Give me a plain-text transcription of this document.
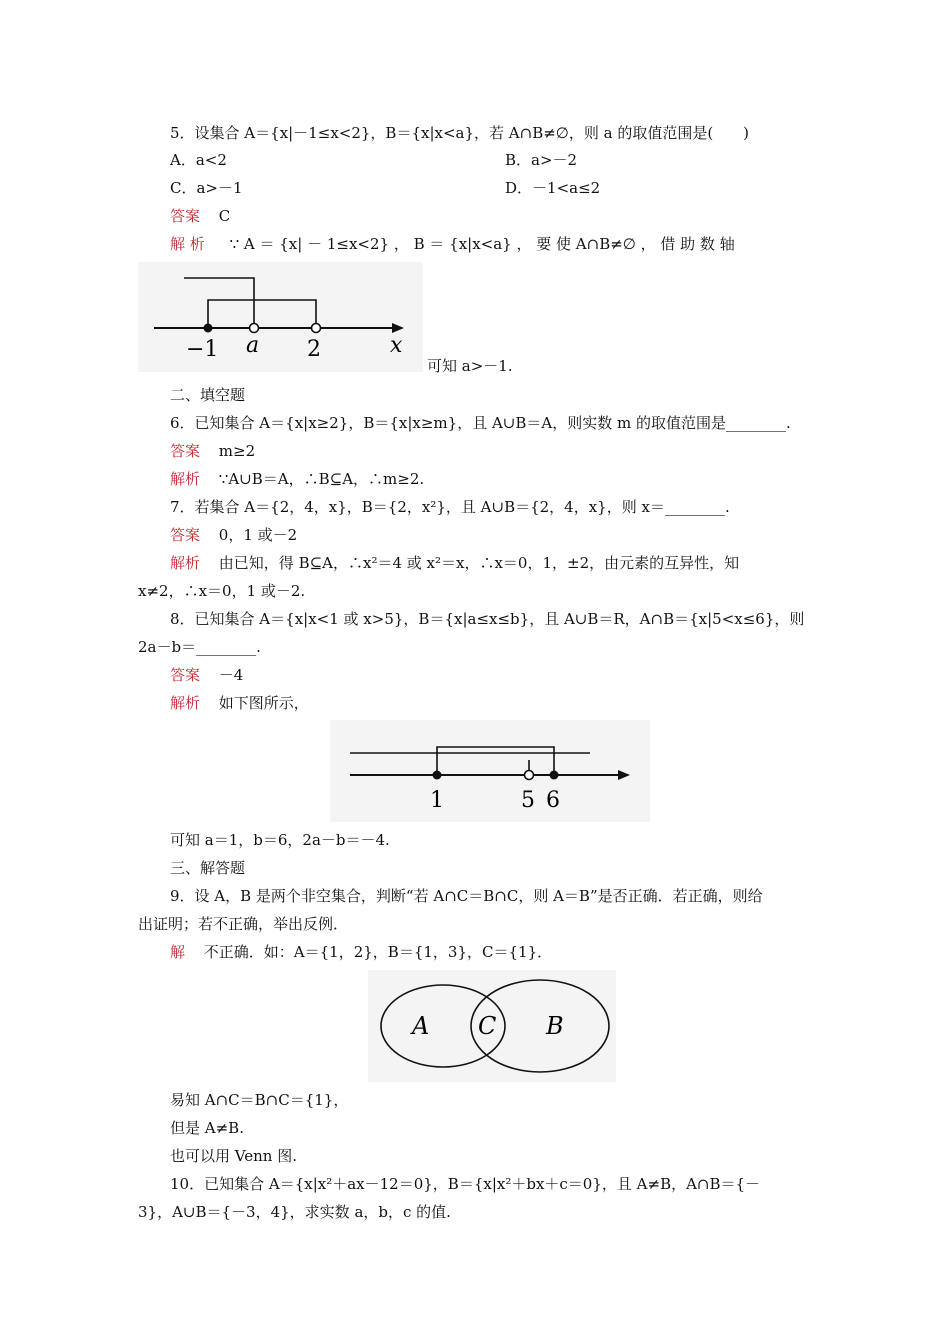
5．设集合 A＝{x|－1≤x<2}，B＝{x|x<a}，若 A∩B≠∅，则 a 的取值范围是(　　)
A．a<2	B．a>－2
C．a>－1	D．－1<a≤2
答案 C
解 析 ∵ A ＝ {x| － 1≤x<2} ， B ＝ {x|x<a} ， 要 使 A∩B≠∅ ， 借 助 数 轴
−1 a 2	x
可知 a>－1.
二、填空题
6．已知集合 A＝{x|x≥2}，B＝{x|x≥m}，且 A∪B＝A，则实数 m 的取值范围是________.
答案 m≥2
解析 ∵A∪B＝A，∴B⊆A，∴m≥2.
7．若集合 A＝{2，4，x}，B＝{2，x²}，且 A∪B＝{2，4，x}，则 x＝________.
答案 0，1 或－2
解析 由已知，得 B⊆A，∴x²＝4 或 x²＝x，∴x＝0，1，±2，由元素的互异性，知
x≠2，∴x＝0，1 或－2.
8．已知集合 A＝{x|x<1 或 x>5}，B＝{x|a≤x≤b}，且 A∪B＝R，A∩B＝{x|5<x≤6}，则
2a－b＝________.
答案 －4
解析 如下图所示，
1	5 6
可知 a＝1，b＝6，2a－b＝－4.
三、解答题
9．设 A，B 是两个非空集合，判断“若 A∩C＝B∩C，则 A＝B”是否正确．若正确，则给
出证明；若不正确，举出反例．
解 不正确．如：A＝{1，2}，B＝{1，3}，C＝{1}．
A C B
易知 A∩C＝B∩C＝{1}，
但是 A≠B.
也可以用 Venn 图.
10．已知集合 A＝{x|x²＋ax－12＝0}，B＝{x|x²＋bx＋c＝0}，且 A≠B，A∩B＝{－
3}，A∪B＝{－3，4}，求实数 a，b，c 的值.
